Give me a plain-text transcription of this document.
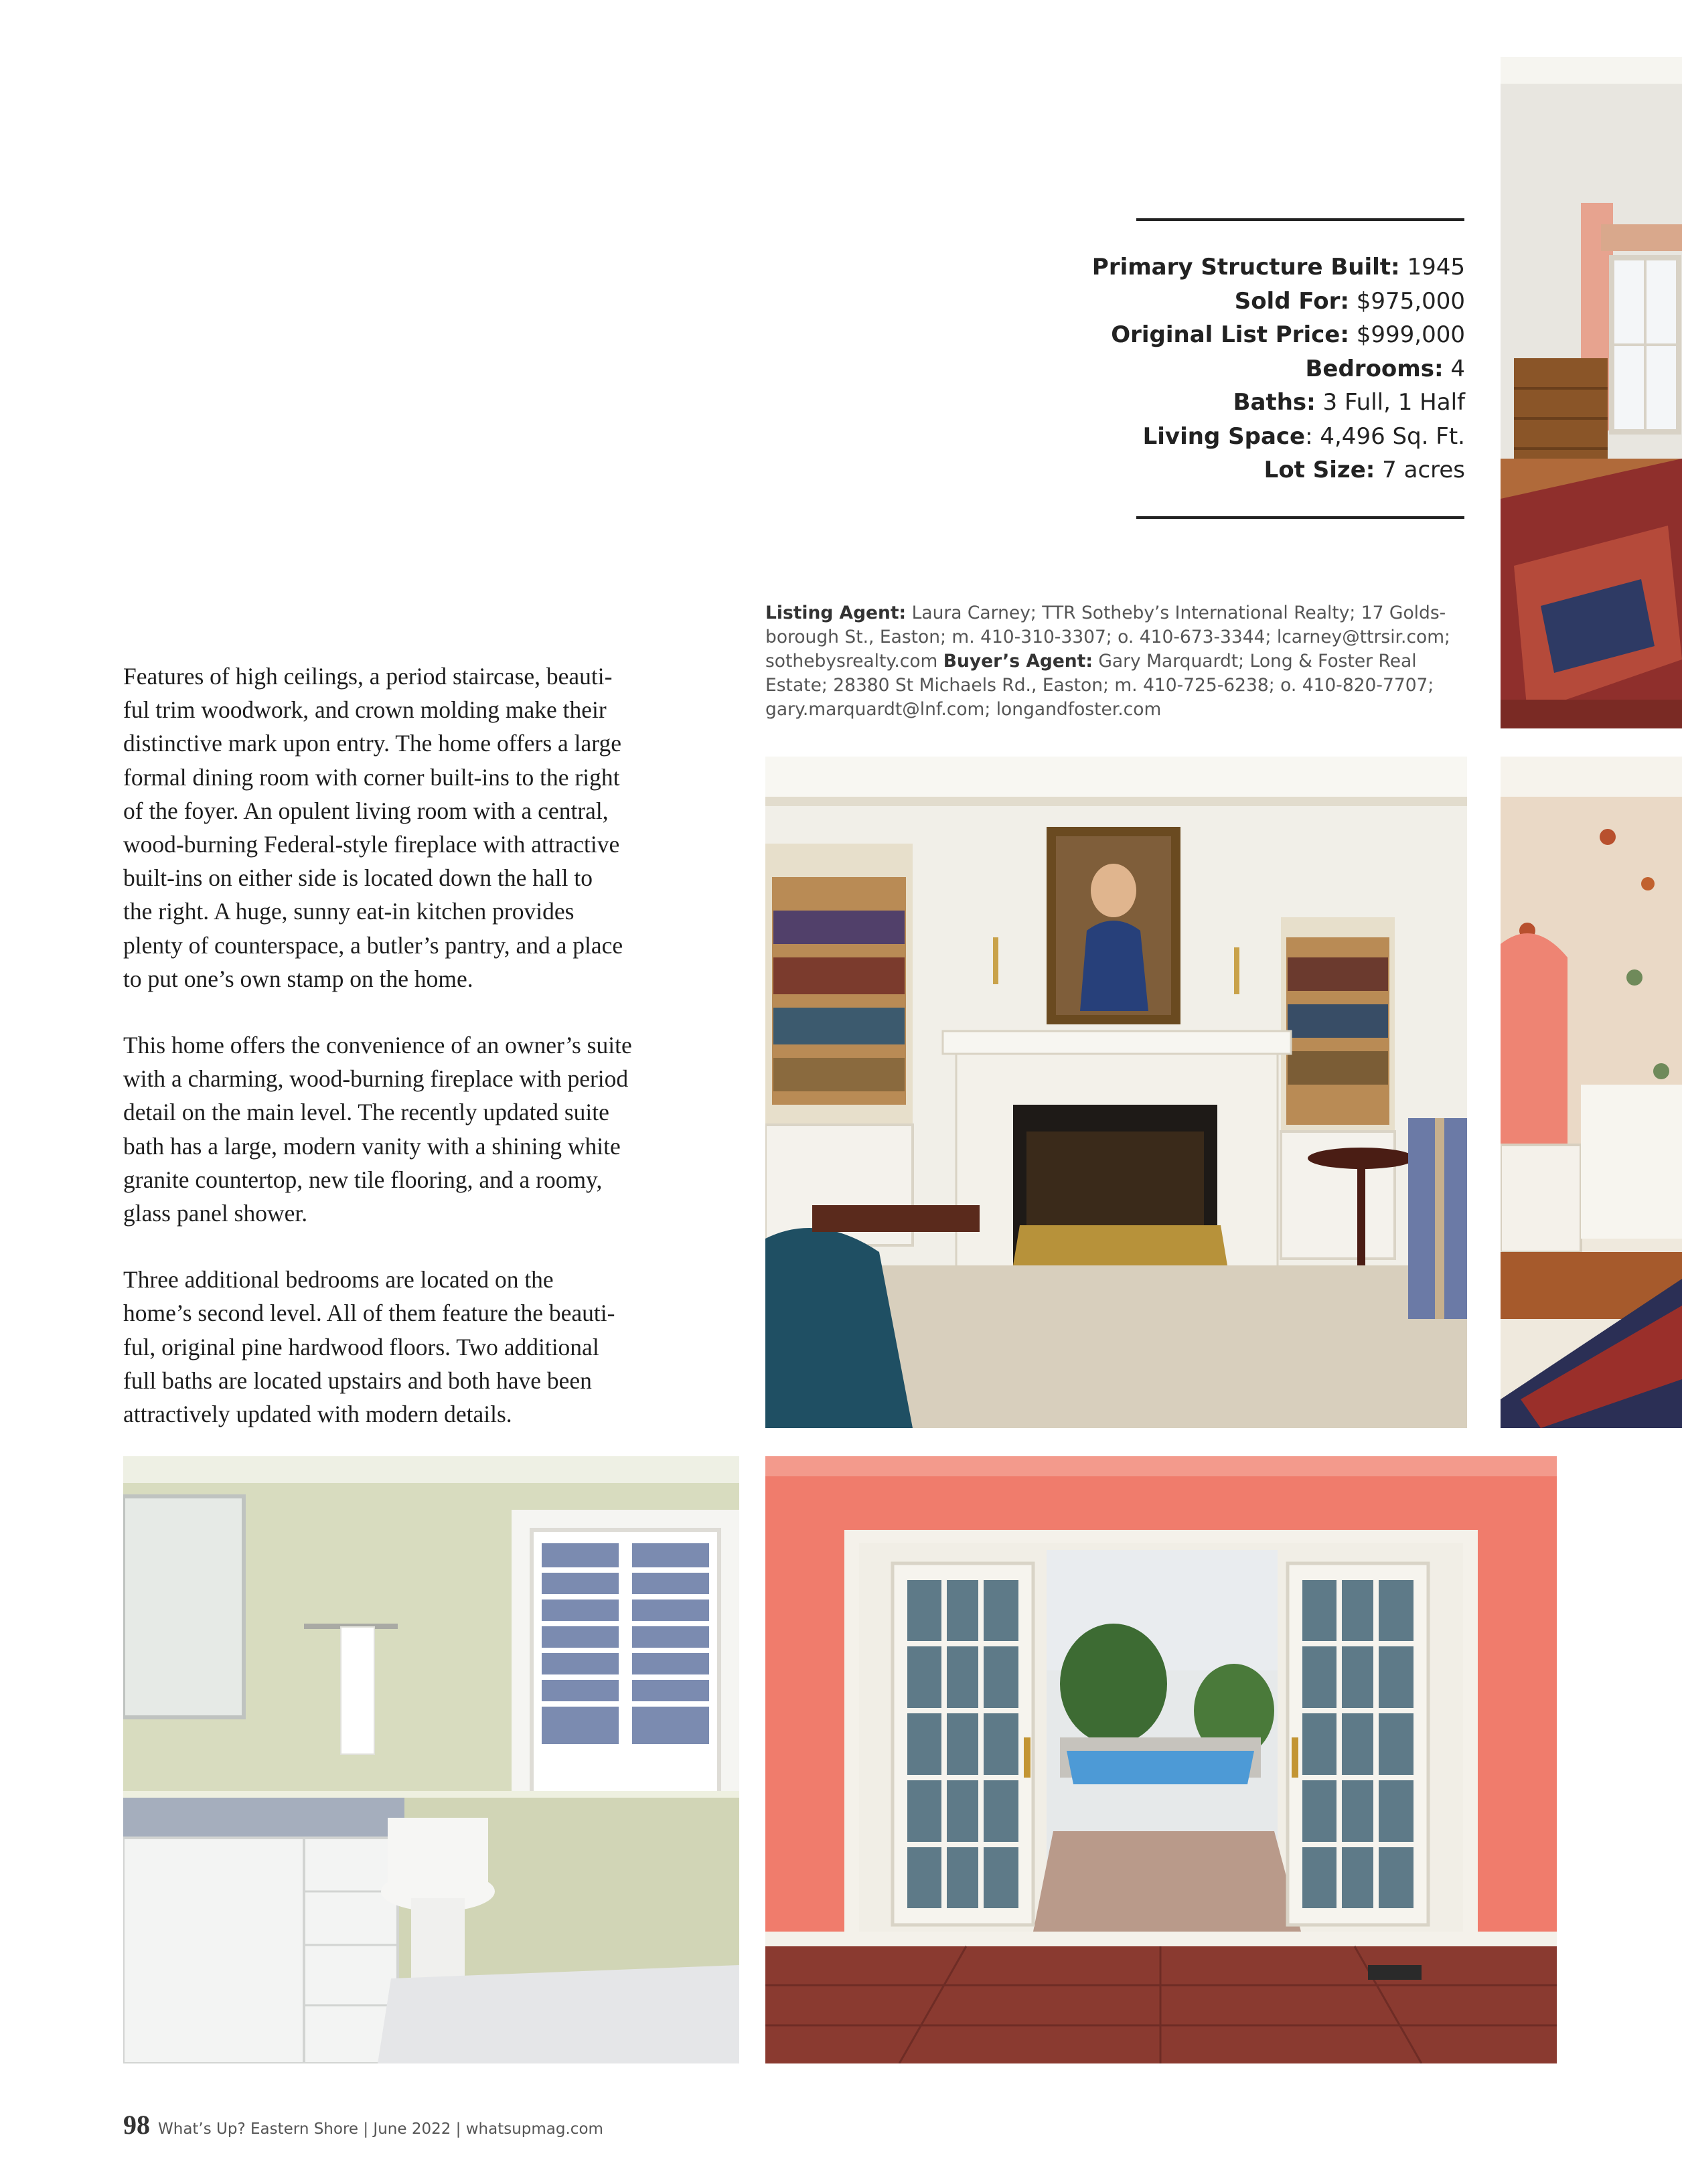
Primary Structure Built: 1945
Sold For: $975,000
Original List Price: $999,000
Bedrooms: 4
Baths: 3 Full, 1 Half
Living Space: 4,496 Sq. Ft.
Lot Size: 7 acres
Listing Agent: Laura Carney; TTR Sotheby’s International Realty; 17 Golds-
borough St., Easton; m. 410-310-3307; o. 410-673-3344; lcarney@ttrsir.com;
sothebysrealty.com Buyer’s Agent: Gary Marquardt; Long & Foster Real
Estate; 28380 St Michaels Rd., Easton; m. 410-725-6238; o. 410-820-7707;
gary.marquardt@lnf.com; longandfoster.com
Features of high ceilings, a period staircase, beauti-
ful trim woodwork, and crown molding make their
distinctive mark upon entry. The home offers a large
formal dining room with corner built-ins to the right
of the foyer. An opulent living room with a central,
wood-burning Federal-style fireplace with attractive
built-ins on either side is located down the hall to
the right. A huge, sunny eat-in kitchen provides
plenty of counterspace, a butler’s pantry, and a place
to put one’s own stamp on the home.
This home offers the convenience of an owner’s suite
with a charming, wood-burning fireplace with period
detail on the main level. The recently updated suite
bath has a large, modern vanity with a shining white
granite countertop, new tile flooring, and a roomy,
glass panel shower.
Three additional bedrooms are located on the
home’s second level. All of them feature the beauti-
ful, original pine hardwood floors. Two additional
full baths are located upstairs and both have been
attractively updated with modern details.
98 What’s Up? Eastern Shore | June 2022 | whatsupmag.com
